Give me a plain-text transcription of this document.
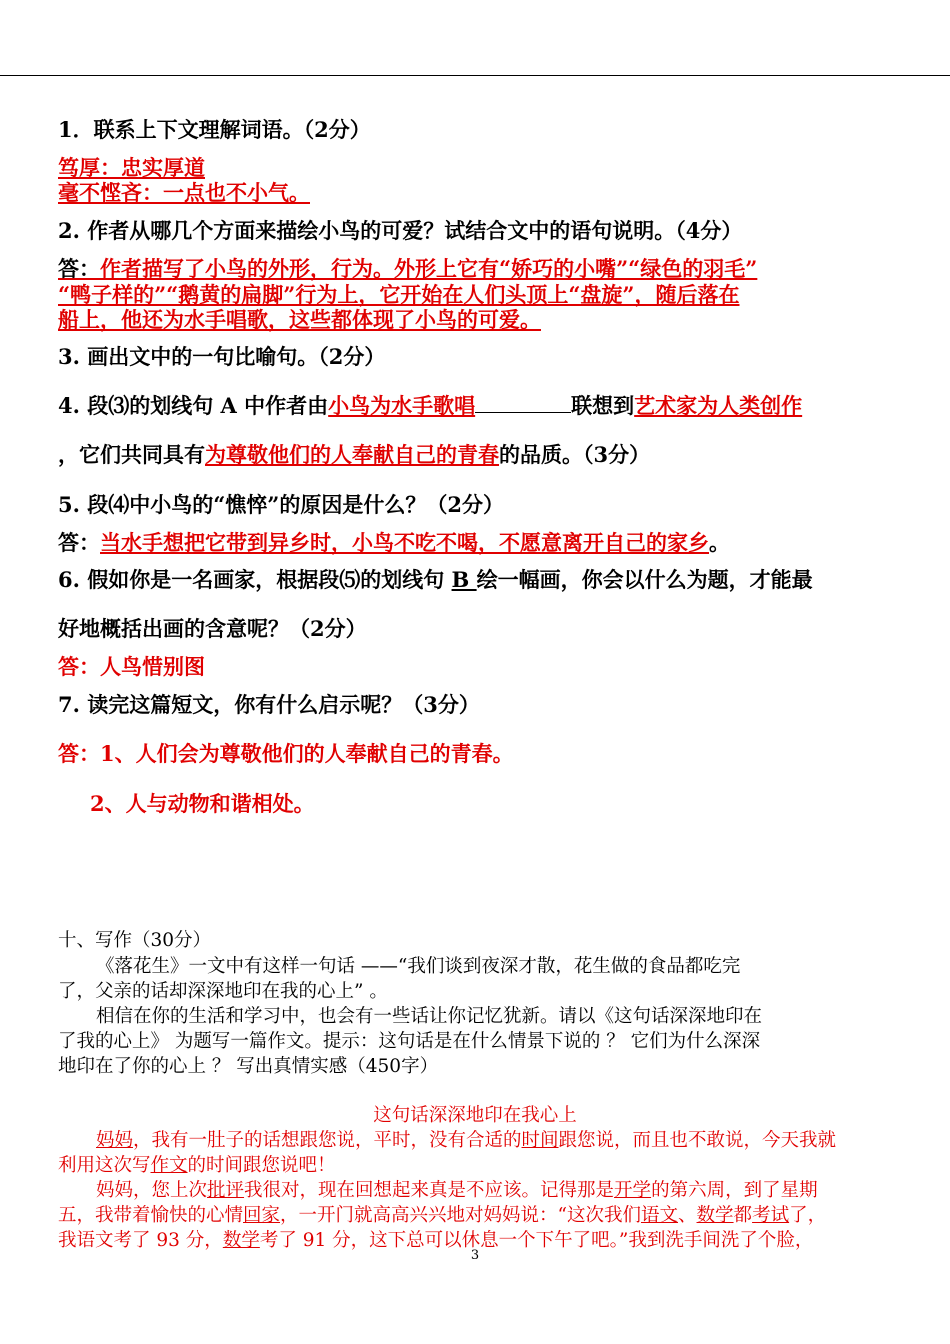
1．联系上下文理解词语。（2分）
笃厚：忠实厚道
毫不悭吝：一点也不小气。
2. 作者从哪几个方面来描绘小鸟的可爱？试结合文中的语句说明。（4分）
答：作者描写了小鸟的外形，行为。外形上它有“娇巧的小嘴”“绿色的羽毛”
“鸭子样的”“鹅黄的扁脚”行为上，它开始在人们头顶上“盘旋”，随后落在
船上，他还为水手唱歌，这些都体现了小鸟的可爱。
3. 画出文中的一句比喻句。（2分）
4. 段⑶的划线句 A 中作者由小鸟为水手歌唱	联想到艺术家为人类创作
，它们共同具有为尊敬他们的人奉献自己的青春的品质。（3分）
5. 段⑷中小鸟的“憔悴”的原因是什么？（2分）
答：当水手想把它带到异乡时，小鸟不吃不喝，不愿意离开自己的家乡。
6. 假如你是一名画家，根据段⑸的划线句 B 绘一幅画，你会以什么为题，才能最
好地概括出画的含意呢？（2分）
答：人鸟惜别图
7. 读完这篇短文，你有什么启示呢？（3分）
答：1、人们会为尊敬他们的人奉献自己的青春。
2、人与动物和谐相处。
十、写作（30分）
《落花生》一文中有这样一句话 ——“我们谈到夜深才散，花生做的食品都吃完
了，父亲的话却深深地印在我的心上” 。
相信在你的生活和学习中，也会有一些话让你记忆犹新。请以《这句话深深地印在
了我的心上》 为题写一篇作文。提示：这句话是在什么情景下说的 ？ 它们为什么深深
地印在了你的心上 ？ 写出真情实感（450字）
这句话深深地印在我心上
妈妈，我有一肚子的话想跟您说，平时，没有合适的时间跟您说，而且也不敢说，今天我就
利用这次写作文的时间跟您说吧！
妈妈，您上次批评我很对，现在回想起来真是不应该。记得那是开学的第六周，到了星期
五，我带着愉快的心情回家，一开门就高高兴兴地对妈妈说：“这次我们语文、数学都考试了，
我语文考了 93 分，数学考了 91 分，这下总可以休息一个下午了吧。”我到洗手间洗了个脸，
3
